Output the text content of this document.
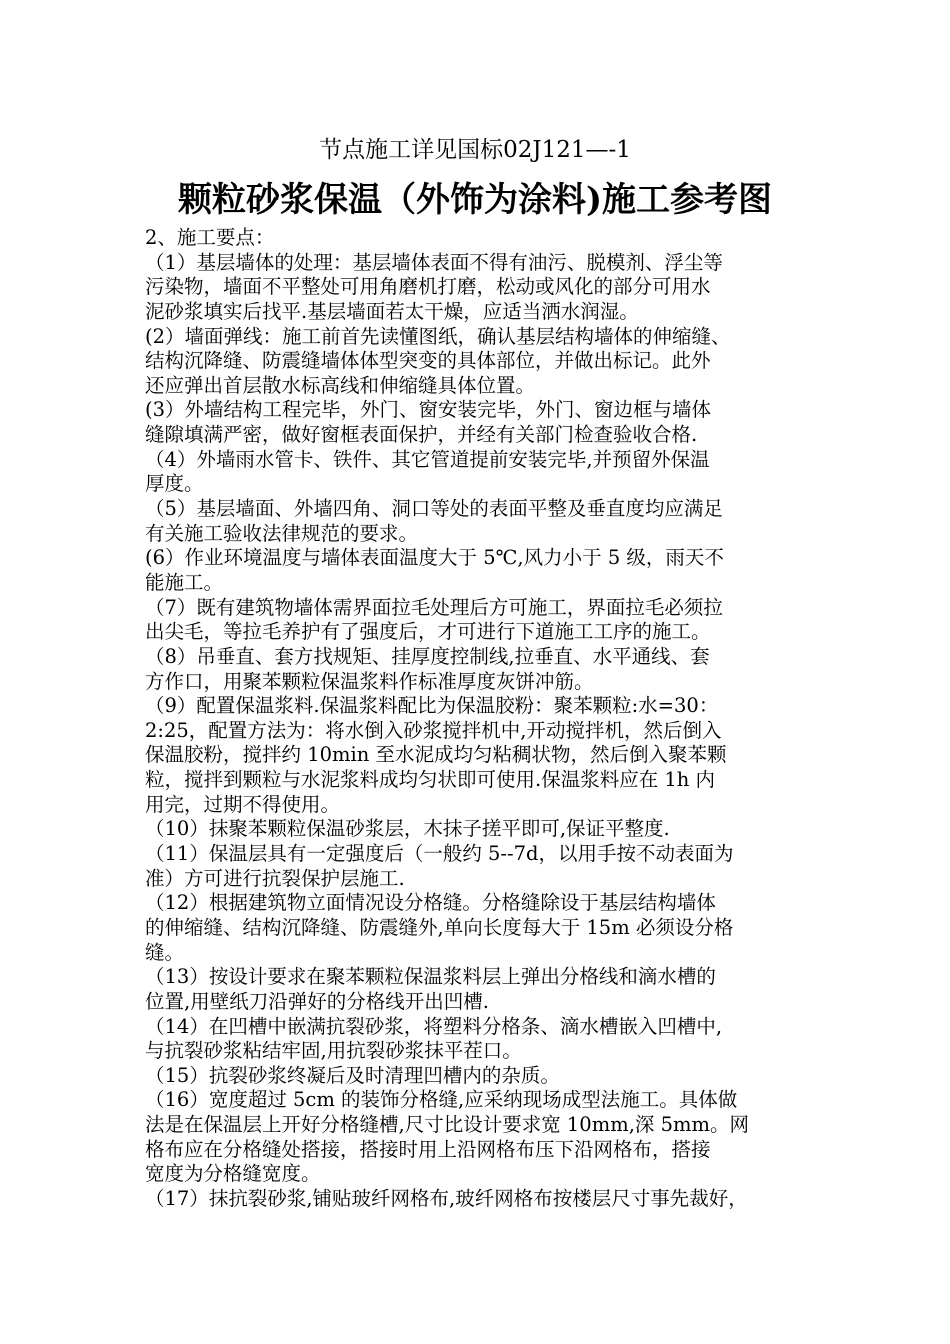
节点施工详见国标02J121—-1
颗粒砂浆保温（外饰为涂料)施工参考图
2、施工要点：
（1）基层墙体的处理：基层墙体表面不得有油污、脱模剂、浮尘等
污染物，墙面不平整处可用角磨机打磨，松动或风化的部分可用水
泥砂浆填实后找平.基层墙面若太干燥，应适当洒水润湿。
(2）墙面弹线：施工前首先读懂图纸，确认基层结构墙体的伸缩缝、
结构沉降缝、防震缝墙体体型突变的具体部位，并做出标记。此外
还应弹出首层散水标高线和伸缩缝具体位置。
(3）外墙结构工程完毕，外门、窗安装完毕，外门、窗边框与墙体
缝隙填满严密，做好窗框表面保护，并经有关部门检查验收合格.
（4）外墙雨水管卡、铁件、其它管道提前安装完毕,并预留外保温
厚度。
（5）基层墙面、外墙四角、洞口等处的表面平整及垂直度均应满足
有关施工验收法律规范的要求。
(6）作业环境温度与墙体表面温度大于 5℃,风力小于 5 级，雨天不
能施工。
（7）既有建筑物墙体需界面拉毛处理后方可施工，界面拉毛必须拉
出尖毛，等拉毛养护有了强度后，才可进行下道施工工序的施工。
（8）吊垂直、套方找规矩、挂厚度控制线,拉垂直、水平通线、套
方作口，用聚苯颗粒保温浆料作标准厚度灰饼冲筋。
（9）配置保温浆料.保温浆料配比为保温胶粉：聚苯颗粒:水=30：
2:25，配置方法为：将水倒入砂浆搅拌机中,开动搅拌机，然后倒入
保温胶粉，搅拌约 10min 至水泥成均匀粘稠状物，然后倒入聚苯颗
粒，搅拌到颗粒与水泥浆料成均匀状即可使用.保温浆料应在 1h 内
用完，过期不得使用。
（10）抹聚苯颗粒保温砂浆层，木抹子搓平即可,保证平整度.
（11）保温层具有一定强度后（一般约 5--7d，以用手按不动表面为
准）方可进行抗裂保护层施工.
（12）根据建筑物立面情况设分格缝。分格缝除设于基层结构墙体
的伸缩缝、结构沉降缝、防震缝外,单向长度每大于 15m 必须设分格
缝。
（13）按设计要求在聚苯颗粒保温浆料层上弹出分格线和滴水槽的
位置,用壁纸刀沿弹好的分格线开出凹槽.
（14）在凹槽中嵌满抗裂砂浆，将塑料分格条、滴水槽嵌入凹槽中,
与抗裂砂浆粘结牢固,用抗裂砂浆抹平茬口。
（15）抗裂砂浆终凝后及时清理凹槽内的杂质。
（16）宽度超过 5cm 的装饰分格缝,应采纳现场成型法施工。具体做
法是在保温层上开好分格缝槽,尺寸比设计要求宽 10mm,深 5mm。网
格布应在分格缝处搭接，搭接时用上沿网格布压下沿网格布，搭接
宽度为分格缝宽度。
（17）抹抗裂砂浆,铺贴玻纤网格布,玻纤网格布按楼层尺寸事先裁好，
